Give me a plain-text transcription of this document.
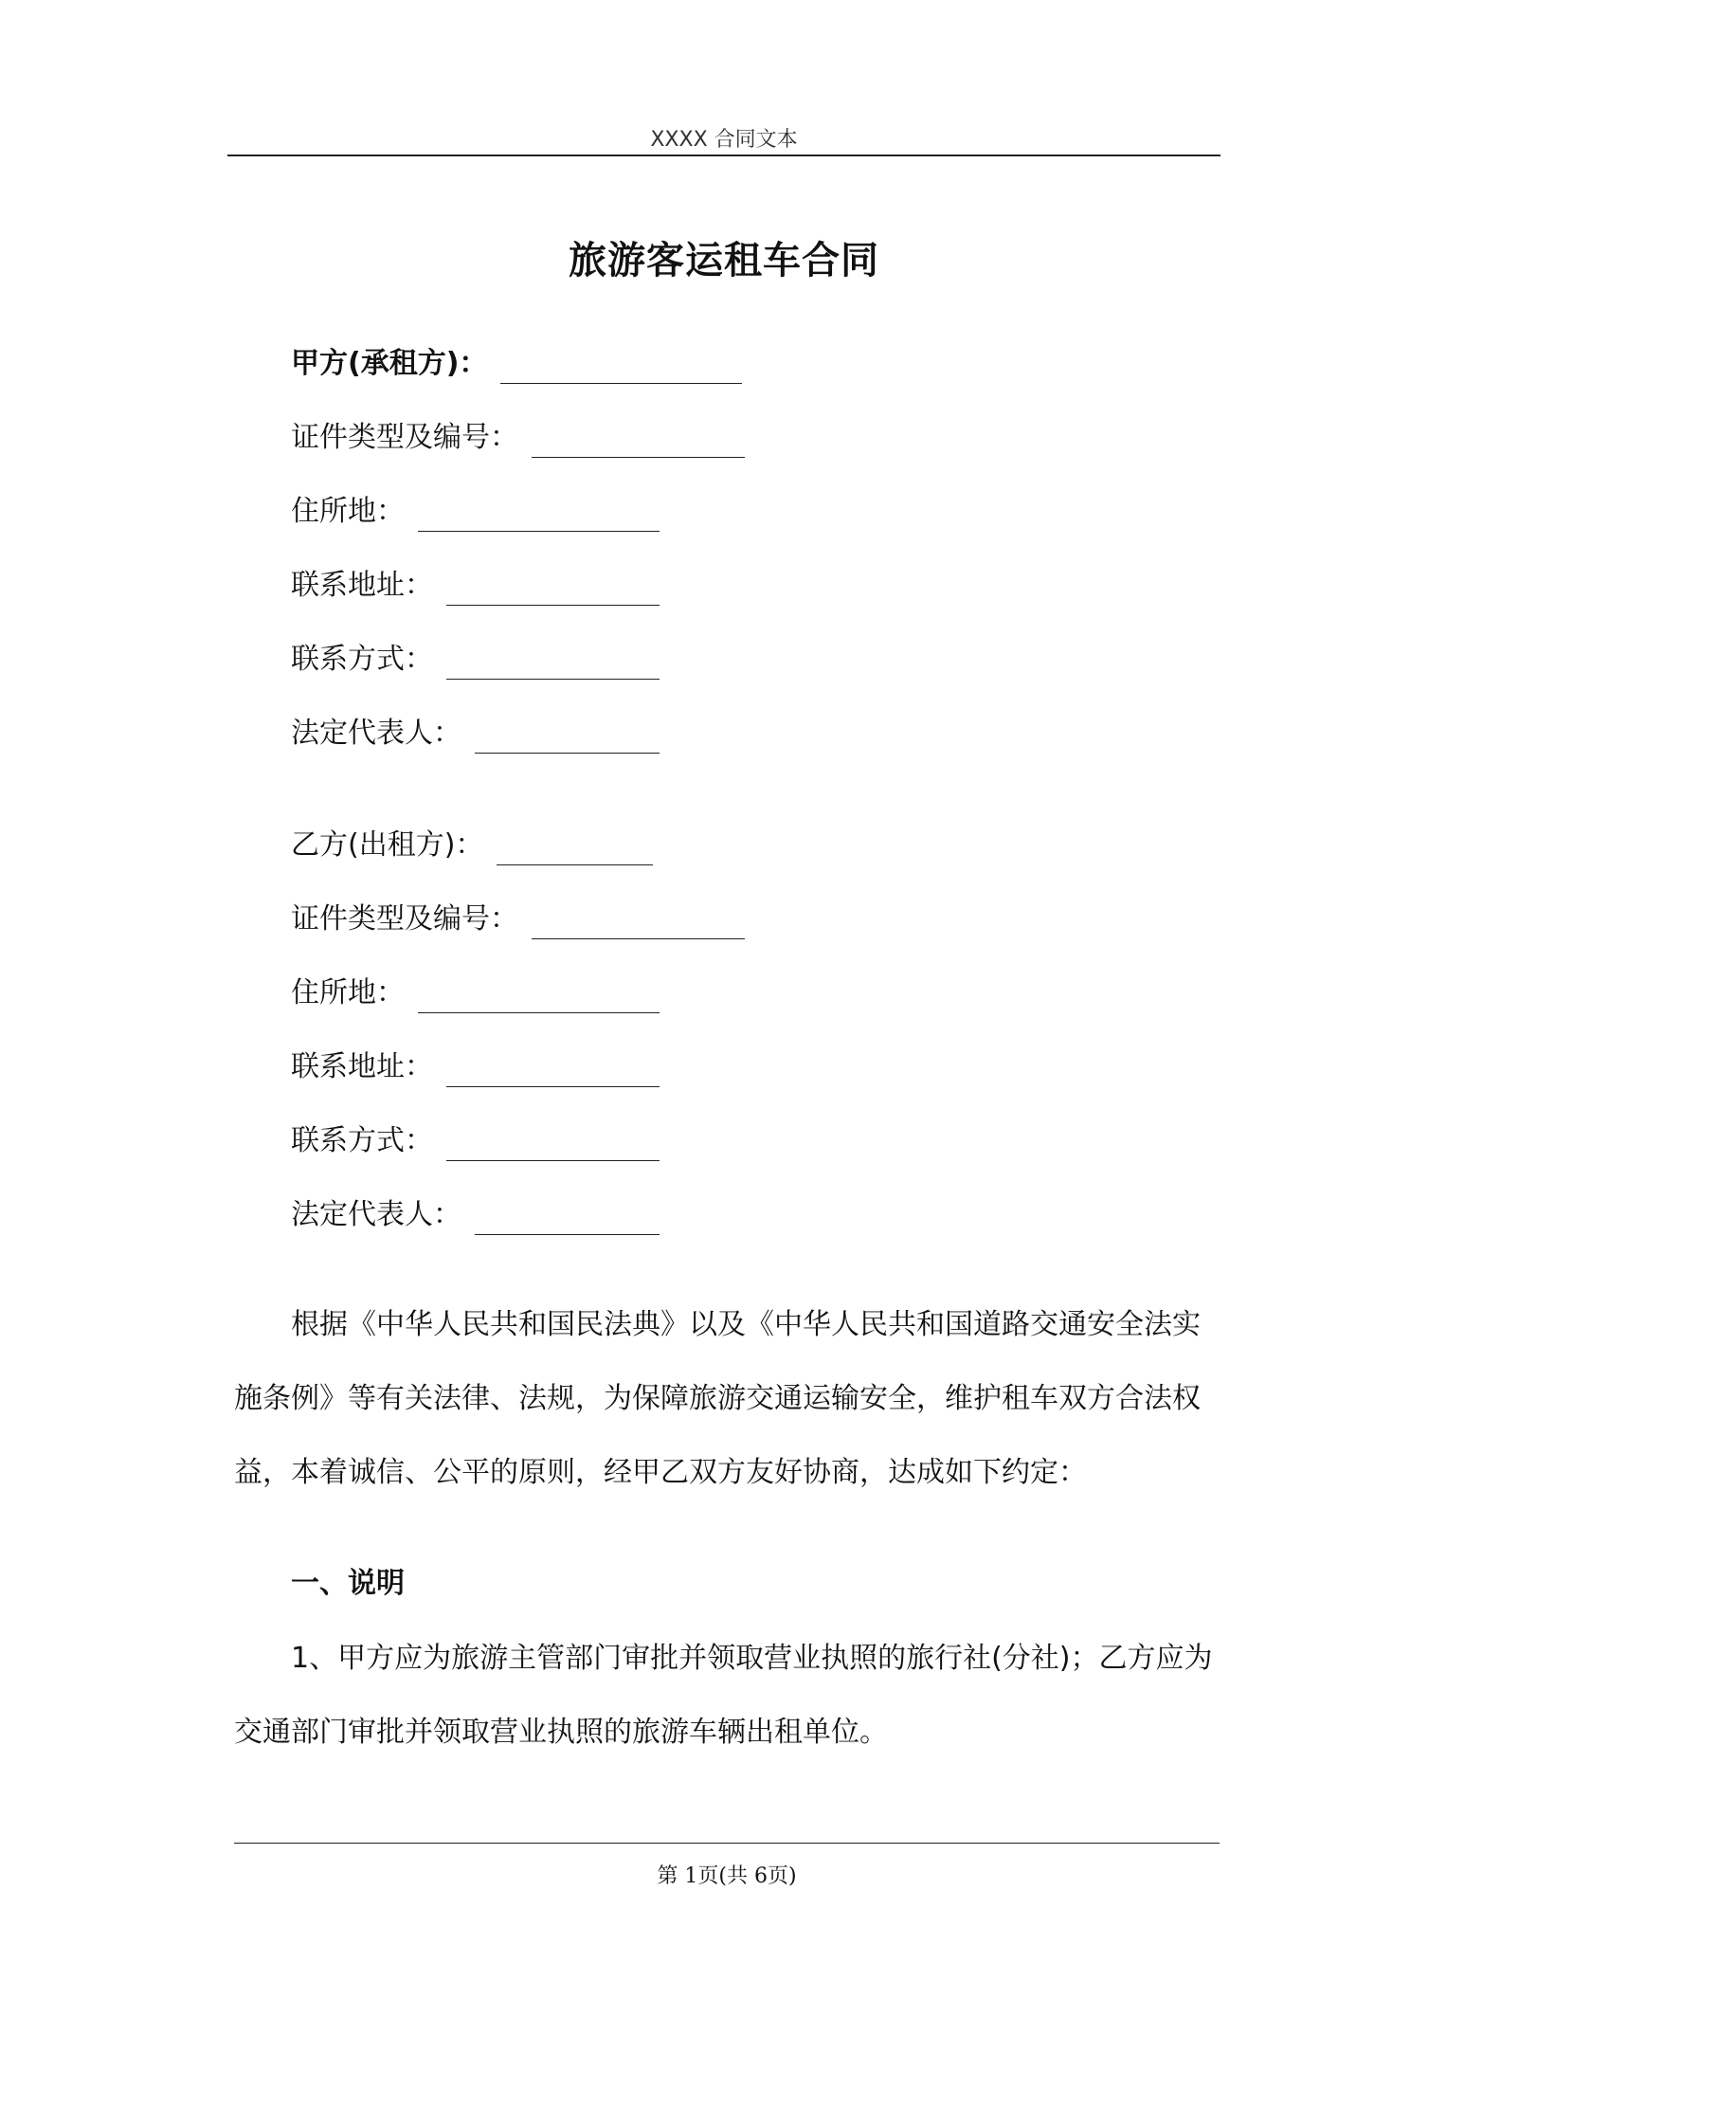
XXXX 合同文本
旅游客运租车合同
甲方(承租方)：
证件类型及编号：
住所地：
联系地址：
联系方式：
法定代表人：
乙方(出租方)：
证件类型及编号：
住所地：
联系地址：
联系方式：
法定代表人：

根据《中华人民共和国民法典》以及《中华人民共和国道路交通安全法实施条例》等有关法律、法规，为保障旅游交通运输安全，维护租车双方合法权益，本着诚信、公平的原则，经甲乙双方友好协商，达成如下约定：

一、说明

1、甲方应为旅游主管部门审批并领取营业执照的旅行社(分社)；乙方应为交通部门审批并领取营业执照的旅游车辆出租单位。

第 1页(共 6页)
